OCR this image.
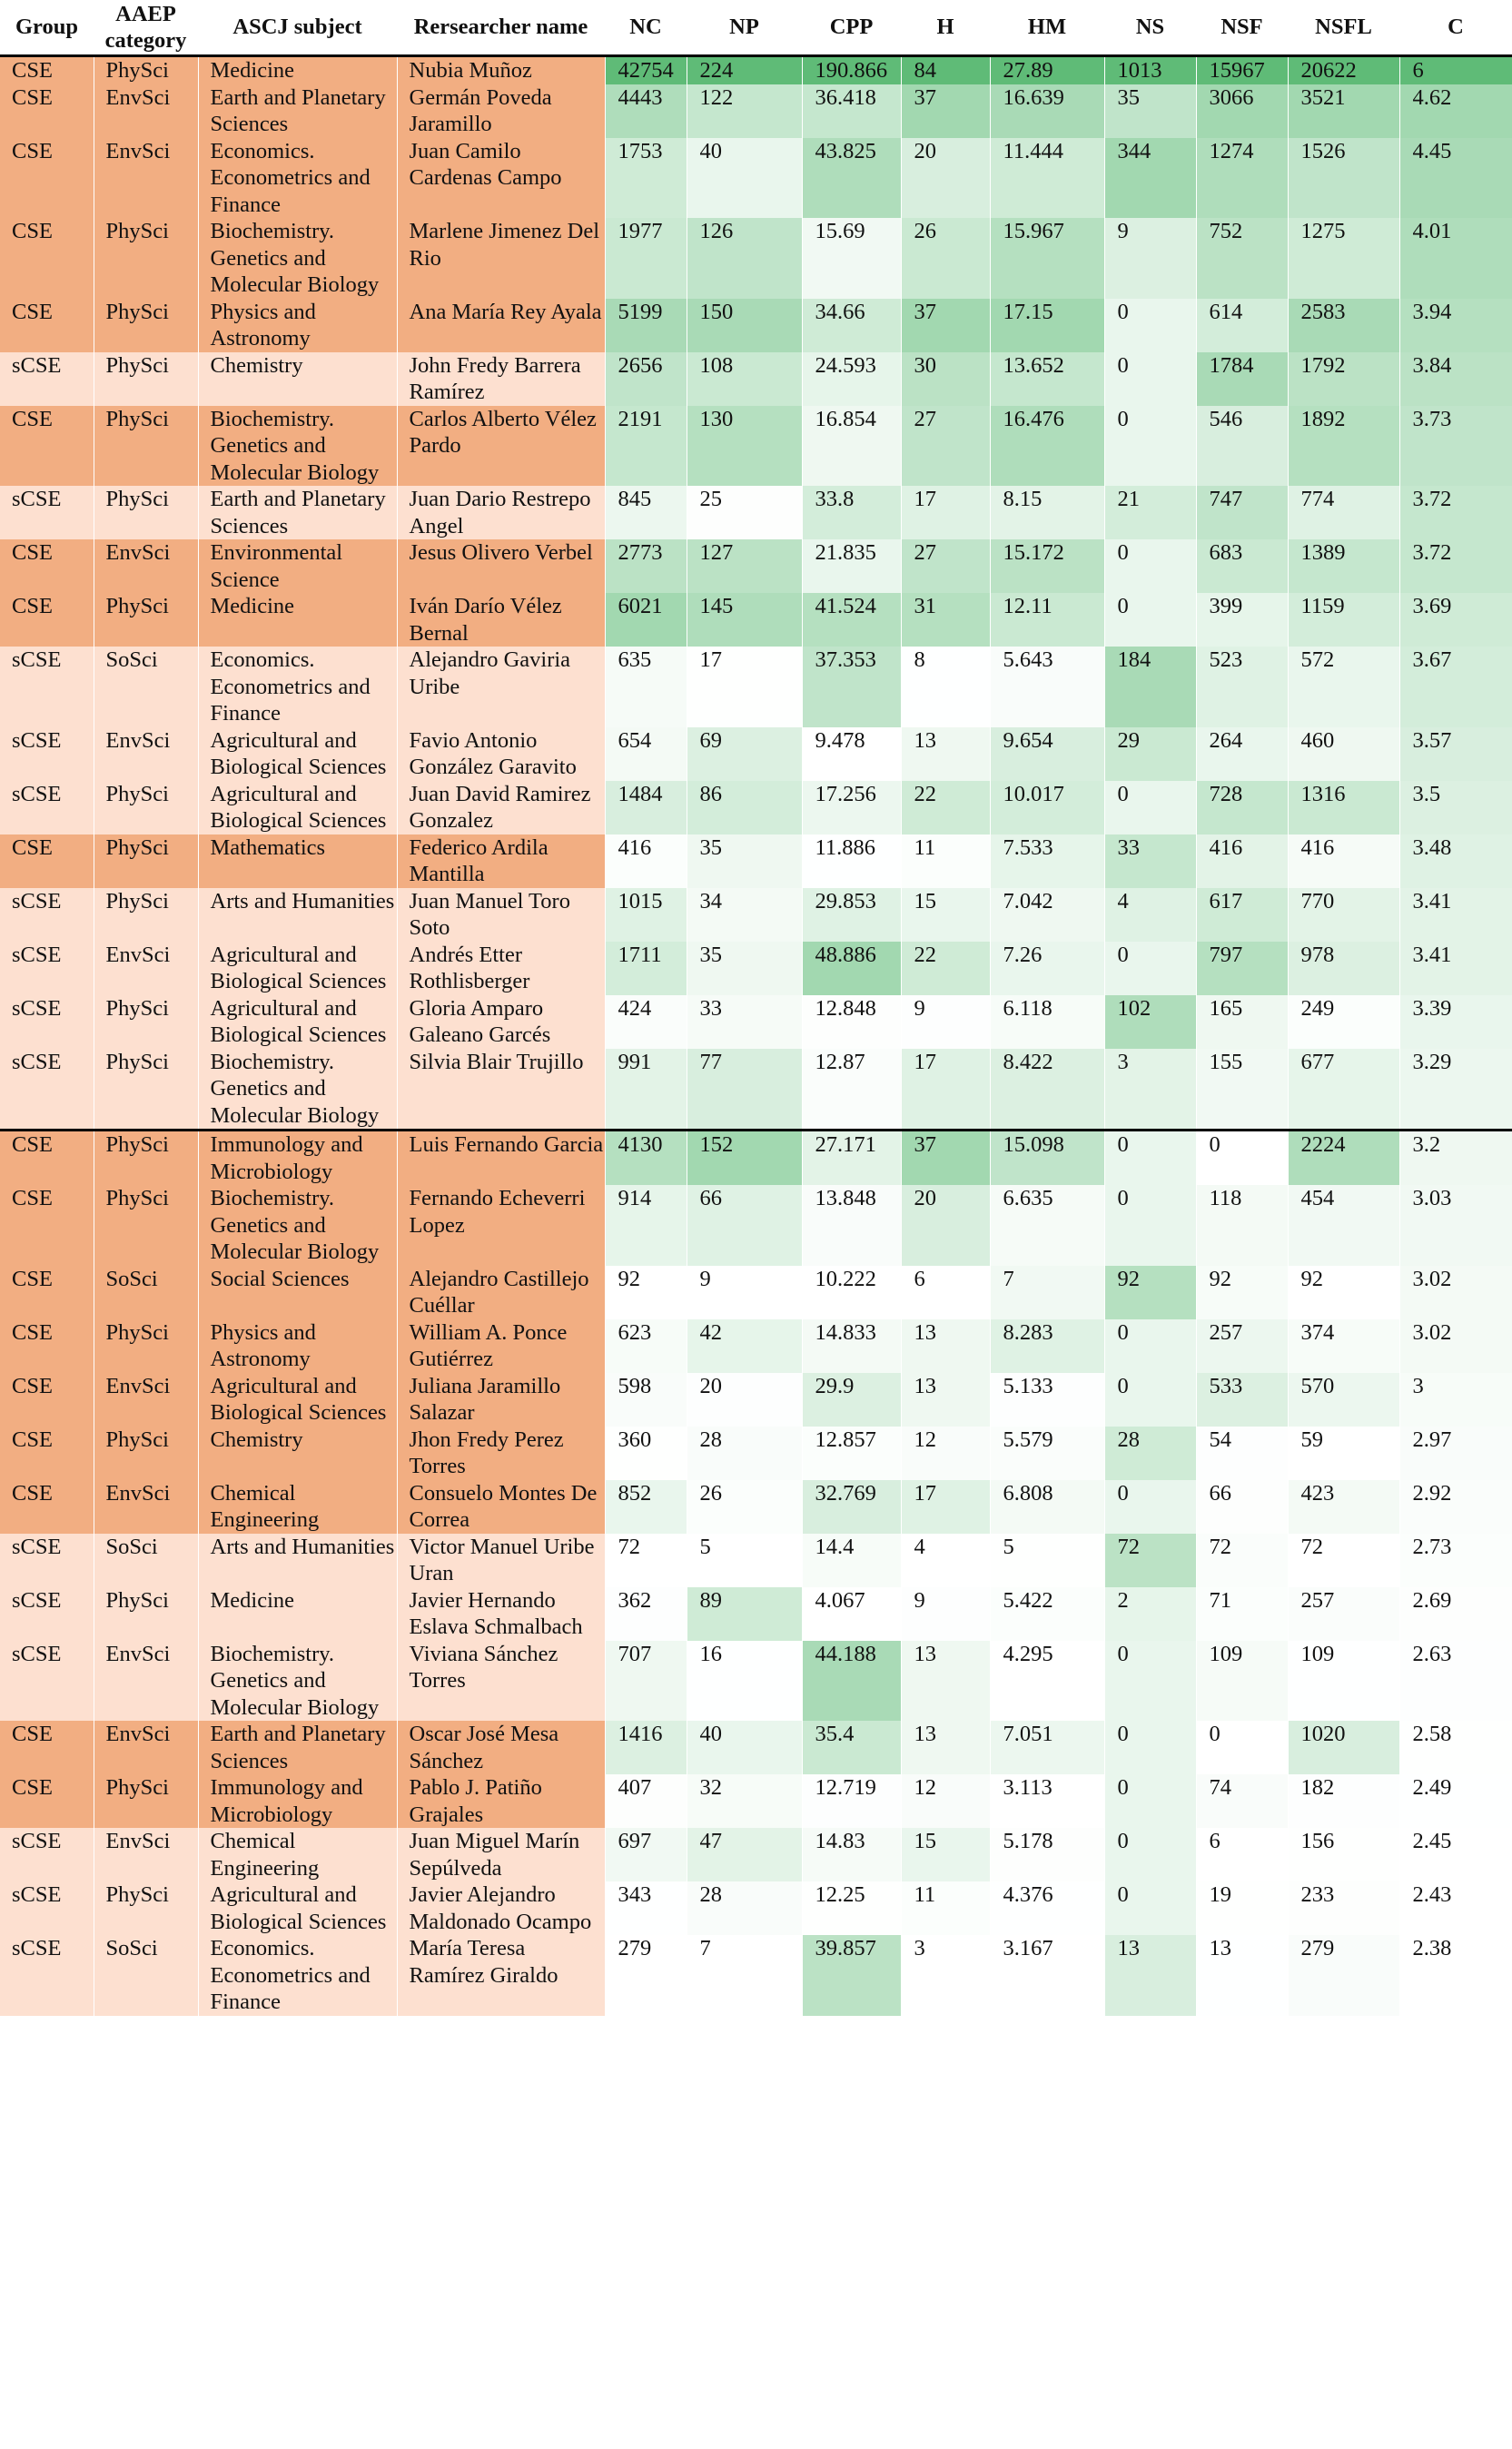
Group	AAEP category	ASCJ subject	Rersearcher name	NC	NP	CPP	H	HM	NS	NSF	NSFL	C
CSE	PhySci	Medicine	Nubia Muñoz	42754	224	190.866	84	27.89	1013	15967	20622	6
CSE	EnvSci	Earth and Planetary Sciences	Germán Poveda Jaramillo	4443	122	36.418	37	16.639	35	3066	3521	4.62
CSE	EnvSci	Economics. Econometrics and Finance	Juan Camilo Cardenas Campo	1753	40	43.825	20	11.444	344	1274	1526	4.45
CSE	PhySci	Biochemistry. Genetics and Molecular Biology	Marlene Jimenez Del Rio	1977	126	15.69	26	15.967	9	752	1275	4.01
CSE	PhySci	Physics and Astronomy	Ana María Rey Ayala	5199	150	34.66	37	17.15	0	614	2583	3.94
sCSE	PhySci	Chemistry	John Fredy Barrera Ramírez	2656	108	24.593	30	13.652	0	1784	1792	3.84
CSE	PhySci	Biochemistry. Genetics and Molecular Biology	Carlos Alberto Vélez Pardo	2191	130	16.854	27	16.476	0	546	1892	3.73
sCSE	PhySci	Earth and Planetary Sciences	Juan Dario Restrepo Angel	845	25	33.8	17	8.15	21	747	774	3.72
CSE	EnvSci	Environmental Science	Jesus Olivero Verbel	2773	127	21.835	27	15.172	0	683	1389	3.72
CSE	PhySci	Medicine	Iván Darío Vélez Bernal	6021	145	41.524	31	12.11	0	399	1159	3.69
sCSE	SoSci	Economics. Econometrics and Finance	Alejandro Gaviria Uribe	635	17	37.353	8	5.643	184	523	572	3.67
sCSE	EnvSci	Agricultural and Biological Sciences	Favio Antonio González Garavito	654	69	9.478	13	9.654	29	264	460	3.57
sCSE	PhySci	Agricultural and Biological Sciences	Juan David Ramirez Gonzalez	1484	86	17.256	22	10.017	0	728	1316	3.5
CSE	PhySci	Mathematics	Federico Ardila Mantilla	416	35	11.886	11	7.533	33	416	416	3.48
sCSE	PhySci	Arts and Humanities	Juan Manuel Toro Soto	1015	34	29.853	15	7.042	4	617	770	3.41
sCSE	EnvSci	Agricultural and Biological Sciences	Andrés Etter Rothlisberger	1711	35	48.886	22	7.26	0	797	978	3.41
sCSE	PhySci	Agricultural and Biological Sciences	Gloria Amparo Galeano Garcés	424	33	12.848	9	6.118	102	165	249	3.39
sCSE	PhySci	Biochemistry. Genetics and Molecular Biology	Silvia Blair Trujillo	991	77	12.87	17	8.422	3	155	677	3.29
CSE	PhySci	Immunology and Microbiology	Luis Fernando Garcia	4130	152	27.171	37	15.098	0	0	2224	3.2
CSE	PhySci	Biochemistry. Genetics and Molecular Biology	Fernando Echeverri Lopez	914	66	13.848	20	6.635	0	118	454	3.03
CSE	SoSci	Social Sciences	Alejandro Castillejo Cuéllar	92	9	10.222	6	7	92	92	92	3.02
CSE	PhySci	Physics and Astronomy	William A. Ponce Gutiérrez	623	42	14.833	13	8.283	0	257	374	3.02
CSE	EnvSci	Agricultural and Biological Sciences	Juliana Jaramillo Salazar	598	20	29.9	13	5.133	0	533	570	3
CSE	PhySci	Chemistry	Jhon Fredy Perez Torres	360	28	12.857	12	5.579	28	54	59	2.97
CSE	EnvSci	Chemical Engineering	Consuelo Montes De Correa	852	26	32.769	17	6.808	0	66	423	2.92
sCSE	SoSci	Arts and Humanities	Victor Manuel Uribe Uran	72	5	14.4	4	5	72	72	72	2.73
sCSE	PhySci	Medicine	Javier Hernando Eslava Schmalbach	362	89	4.067	9	5.422	2	71	257	2.69
sCSE	EnvSci	Biochemistry. Genetics and Molecular Biology	Viviana Sánchez Torres	707	16	44.188	13	4.295	0	109	109	2.63
CSE	EnvSci	Earth and Planetary Sciences	Oscar José Mesa Sánchez	1416	40	35.4	13	7.051	0	0	1020	2.58
CSE	PhySci	Immunology and Microbiology	Pablo J. Patiño Grajales	407	32	12.719	12	3.113	0	74	182	2.49
sCSE	EnvSci	Chemical Engineering	Juan Miguel Marín Sepúlveda	697	47	14.83	15	5.178	0	6	156	2.45
sCSE	PhySci	Agricultural and Biological Sciences	Javier Alejandro Maldonado Ocampo	343	28	12.25	11	4.376	0	19	233	2.43
sCSE	SoSci	Economics. Econometrics and Finance	María Teresa Ramírez Giraldo	279	7	39.857	3	3.167	13	13	279	2.38
